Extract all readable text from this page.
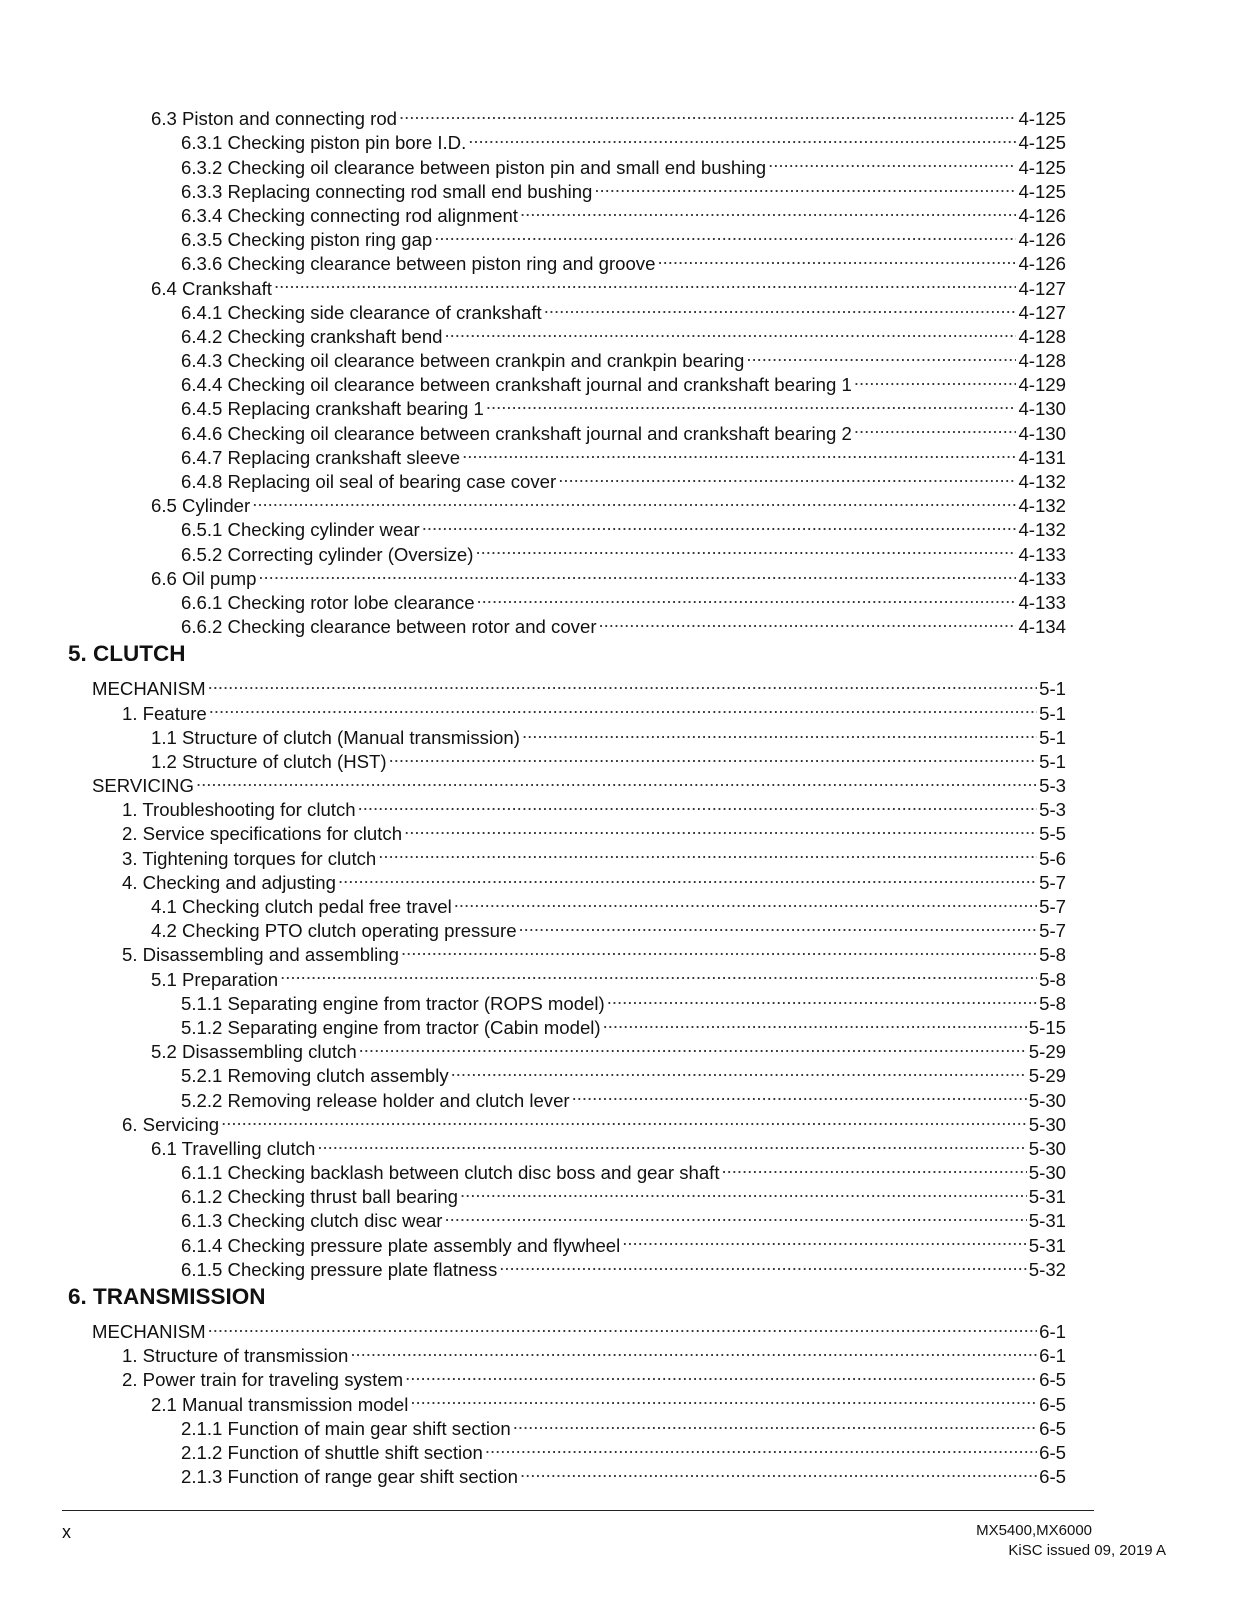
6.3 Piston and connecting rod . . .	4-125
6.3.1 Checking piston pin bore I.D. . . .	4-125
6.3.2 Checking oil clearance between piston pin and small end bushing . . .	4-125
6.3.3 Replacing connecting rod small end bushing . . .	4-125
6.3.4 Checking connecting rod alignment . . .	4-126
6.3.5 Checking piston ring gap . . .	4-126
6.3.6 Checking clearance between piston ring and groove . . .	4-126
6.4 Crankshaft . . .	4-127
6.4.1 Checking side clearance of crankshaft . . .	4-127
6.4.2 Checking crankshaft bend . . .	4-128
6.4.3 Checking oil clearance between crankpin and crankpin bearing . . .	4-128
6.4.4 Checking oil clearance between crankshaft journal and crankshaft bearing 1 . . .	4-129
6.4.5 Replacing crankshaft bearing 1 . . .	4-130
6.4.6 Checking oil clearance between crankshaft journal and crankshaft bearing 2 . . .	4-130
6.4.7 Replacing crankshaft sleeve . . .	4-131
6.4.8 Replacing oil seal of bearing case cover . . .	4-132
6.5 Cylinder . . .	4-132
6.5.1 Checking cylinder wear . . .	4-132
6.5.2 Correcting cylinder (Oversize) . . .	4-133
6.6 Oil pump . . .	4-133
6.6.1 Checking rotor lobe clearance . . .	4-133
6.6.2 Checking clearance between rotor and cover . . .	4-134
5. CLUTCH
MECHANISM . . .	5-1
1. Feature . . .	5-1
1.1 Structure of clutch (Manual transmission) . . .	5-1
1.2 Structure of clutch (HST) . . .	5-1
SERVICING . . .	5-3
1. Troubleshooting for clutch . . .	5-3
2. Service specifications for clutch . . .	5-5
3. Tightening torques for clutch . . .	5-6
4. Checking and adjusting . . .	5-7
4.1 Checking clutch pedal free travel . . .	5-7
4.2 Checking PTO clutch operating pressure . . .	5-7
5. Disassembling and assembling . . .	5-8
5.1 Preparation . . .	5-8
5.1.1 Separating engine from tractor (ROPS model) . . .	5-8
5.1.2 Separating engine from tractor (Cabin model) . . .	5-15
5.2 Disassembling clutch . . .	5-29
5.2.1 Removing clutch assembly . . .	5-29
5.2.2 Removing release holder and clutch lever . . .	5-30
6. Servicing . . .	5-30
6.1 Travelling clutch . . .	5-30
6.1.1 Checking backlash between clutch disc boss and gear shaft . . .	5-30
6.1.2 Checking thrust ball bearing . . .	5-31
6.1.3 Checking clutch disc wear . . .	5-31
6.1.4 Checking pressure plate assembly and flywheel . . .	5-31
6.1.5 Checking pressure plate flatness . . .	5-32
6. TRANSMISSION
MECHANISM . . .	6-1
1. Structure of transmission . . .	6-1
2. Power train for traveling system . . .	6-5
2.1 Manual transmission model . . .	6-5
2.1.1 Function of main gear shift section . . .	6-5
2.1.2 Function of shuttle shift section . . .	6-5
2.1.3 Function of range gear shift section . . .	6-5
x	MX5400,MX6000
KiSC issued 09, 2019 A
